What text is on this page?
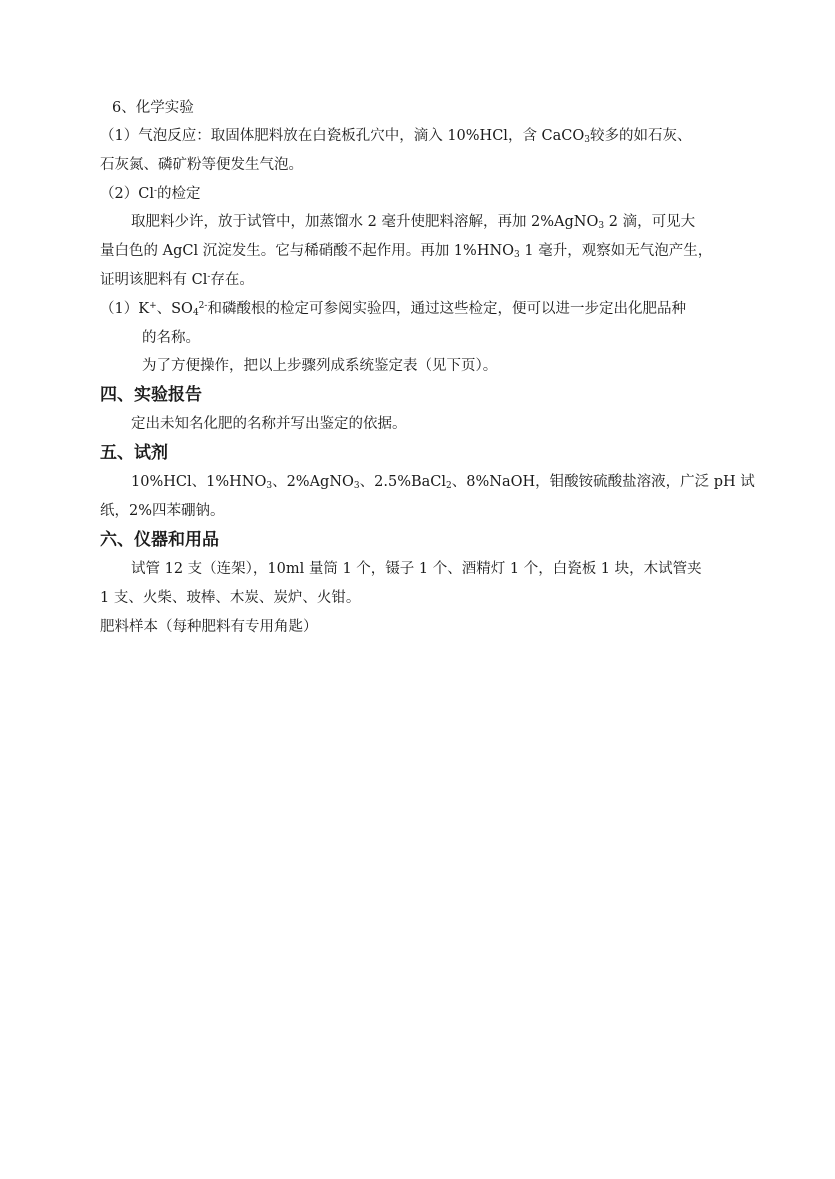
6、化学实验
（1）气泡反应：取固体肥料放在白瓷板孔穴中，滴入 10%HCl，含 CaCO$_3$较多的如石灰、
石灰氮、磷矿粉等便发生气泡。
（2）Cl-的检定
取肥料少许，放于试管中，加蒸馏水 2 毫升使肥料溶解，再加 2%AgNO$_3$ 2 滴，可见大
量白色的 AgCl 沉淀发生。它与稀硝酸不起作用。再加 $1\%HNO_3$ 1 毫升，观察如无气泡产生，
证明该肥料有 Cl-存在。
（1）K+、$SO_4^{2-}$和磷酸根的检定可参阅实验四，通过这些检定，便可以进一步定出化肥品种
的名称。
为了方便操作，把以上步骤列成系统鉴定表（见下页）。
四、实验报告
定出未知名化肥的名称并写出鉴定的依据。
五、试剂
10%HCl、$1\%HNO_3$、2%AgNO$_3$、2.5%BaCl$_2$、8%NaOH，钼酸铵硫酸盐溶液，广泛 pH 试
纸，2%四苯硼钠。
六、仪器和用品
试管 12 支（连架），10ml 量筒 1 个，镊子 1 个、酒精灯 1 个，白瓷板 1 块，木试管夹
1 支、火柴、玻棒、木炭、炭炉、火钳。
肥料样本（每种肥料有专用角匙）
